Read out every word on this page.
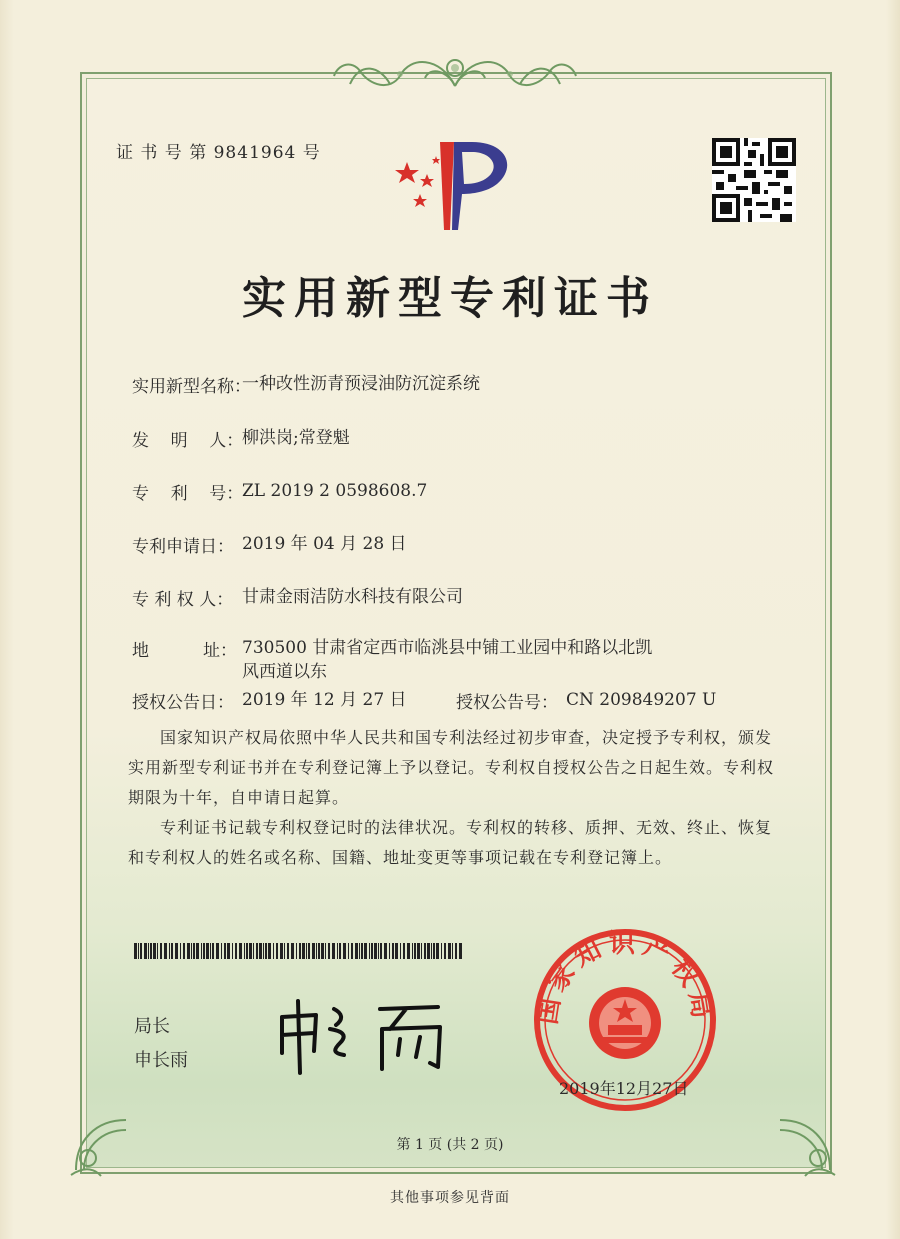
证 书 号 第 9841964 号
实用新型专利证书
实用新型名称：
一种改性沥青预浸油防沉淀系统
发    明    人：
柳洪岗;常登魁
专    利    号：
ZL 2019 2 0598608.7
专利申请日： 2019 年 04 月 28 日
专 利 权 人： 甘肃金雨洁防水科技有限公司
地          址： 730500 甘肃省定西市临洮县中铺工业园中和路以北凯风西道以东
授权公告日： 2019 年 12 月 27 日	授权公告号： CN 209849207 U
国家知识产权局依照中华人民共和国专利法经过初步审查，决定授予专利权，颁发实用新型专利证书并在专利登记簿上予以登记。专利权自授权公告之日起生效。专利权期限为十年，自申请日起算。
专利证书记载专利权登记时的法律状况。专利权的转移、质押、无效、终止、恢复和专利权人的姓名或名称、国籍、地址变更等事项记载在专利登记簿上。
局长
申长雨
国家知识产权局
2019年12月27日
第 1 页 (共 2 页)
其他事项参见背面
